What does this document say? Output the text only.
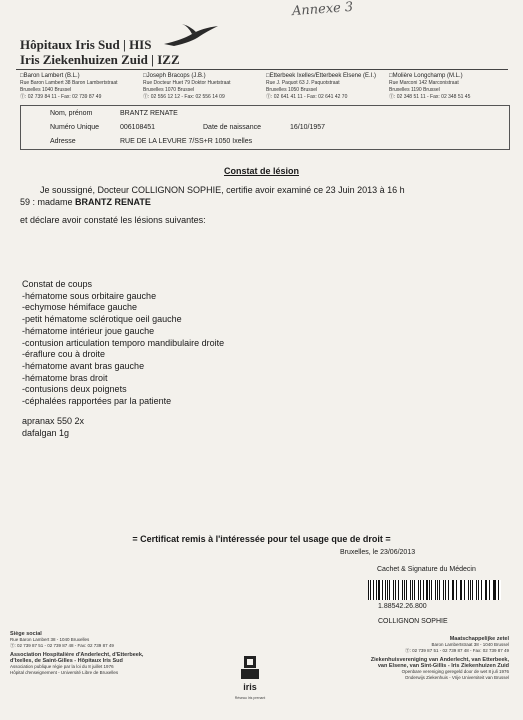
Annexe 3
Hôpitaux Iris Sud | HIS
Iris Ziekenhuizen Zuid | IZZ
□ Baron Lambert (B.L.)
Rue Baron Lambert 38 Baron Lambertstraat
Bruxelles 1040 Brussel
Ⓣ: 02 739 84 11 - Fax: 02 739 87 49
□ Joseph Bracops (J.B.)
Rue Docteur Huet 79 Doktor Huetstraat
Bruxelles 1070 Brussel
Ⓣ: 02 556 12 12 - Fax: 02 556 14 09
□ Etterbeek Ixelles/Etterbeek Elsene (E.I.)
Rue J. Paquot 63 J. Paquotstraat
Bruxelles 1050 Brussel
Ⓣ: 02 641 41 11 - Fax: 02 641 42 70
□ Molière Longchamp (M.L.)
Rue Marconi 142 Marconistraat
Bruxelles 1190 Brussel
Ⓣ: 02 348 51 11 - Fax: 02 348 51 45
Nom, prénom	BRANTZ RENATE
Numéro Unique	006108451	Date de naissance	16/10/1957
Adresse	RUE DE LA LEVURE 7/SS+R 1050 Ixelles
Constat de lésion
Je soussigné, Docteur COLLIGNON SOPHIE, certifie avoir examiné ce 23 Juin 2013 à 16 h
59 : madame BRANTZ RENATE
et déclare avoir constaté les lésions suivantes:
Constat de coups
-hématome sous orbitaire gauche
-echymose hémiface gauche
-petit hématome sclérotique oeil gauche
-hématome intérieur joue gauche
-contusion articulation temporo mandibulaire droite
-éraflure cou à droite
-hématome avant bras gauche
-hématome bras droit
-contusions deux poignets
-céphalées rapportées par la patiente
apranax 550 2x
dafalgan 1g
= Certificat remis à l'intéressée pour tel usage que de droit =
Bruxelles, le 23/06/2013
Cachet & Signature du Médecin
1.88542.26.800
COLLIGNON SOPHIE
Siège social
Rue Baron Lambert 38 - 1040 Bruxelles
Ⓣ: 02 739 87 51 - 02 739 87 48 - Fax: 02 739 87 49
Association Hospitalière d'Anderlecht, d'Etterbeek,
d'Ixelles, de Saint-Gilles - Hôpitaux Iris Sud
Association publique régie par la loi du 8 juillet 1976
Hôpital d'enseignement - Université Libre de Bruxelles
iris
Réseau Iris prenant
Maatschappelijke zetel
Baron Lambertstraat 38 - 1040 Brussel
Ⓣ: 02 739 87 51 - 02 739 87 48 - Fax: 02 739 87 49
Ziekenhuisvereniging van Anderlecht, van Etterbeek,
van Elsene, van Sint-Gillis - Iris Ziekenhuizen Zuid
Openbare vereniging geregeld door de wet 8 juli 1976
Onderwijs Ziekenhuis - Vrije Universiteit van Brussel
